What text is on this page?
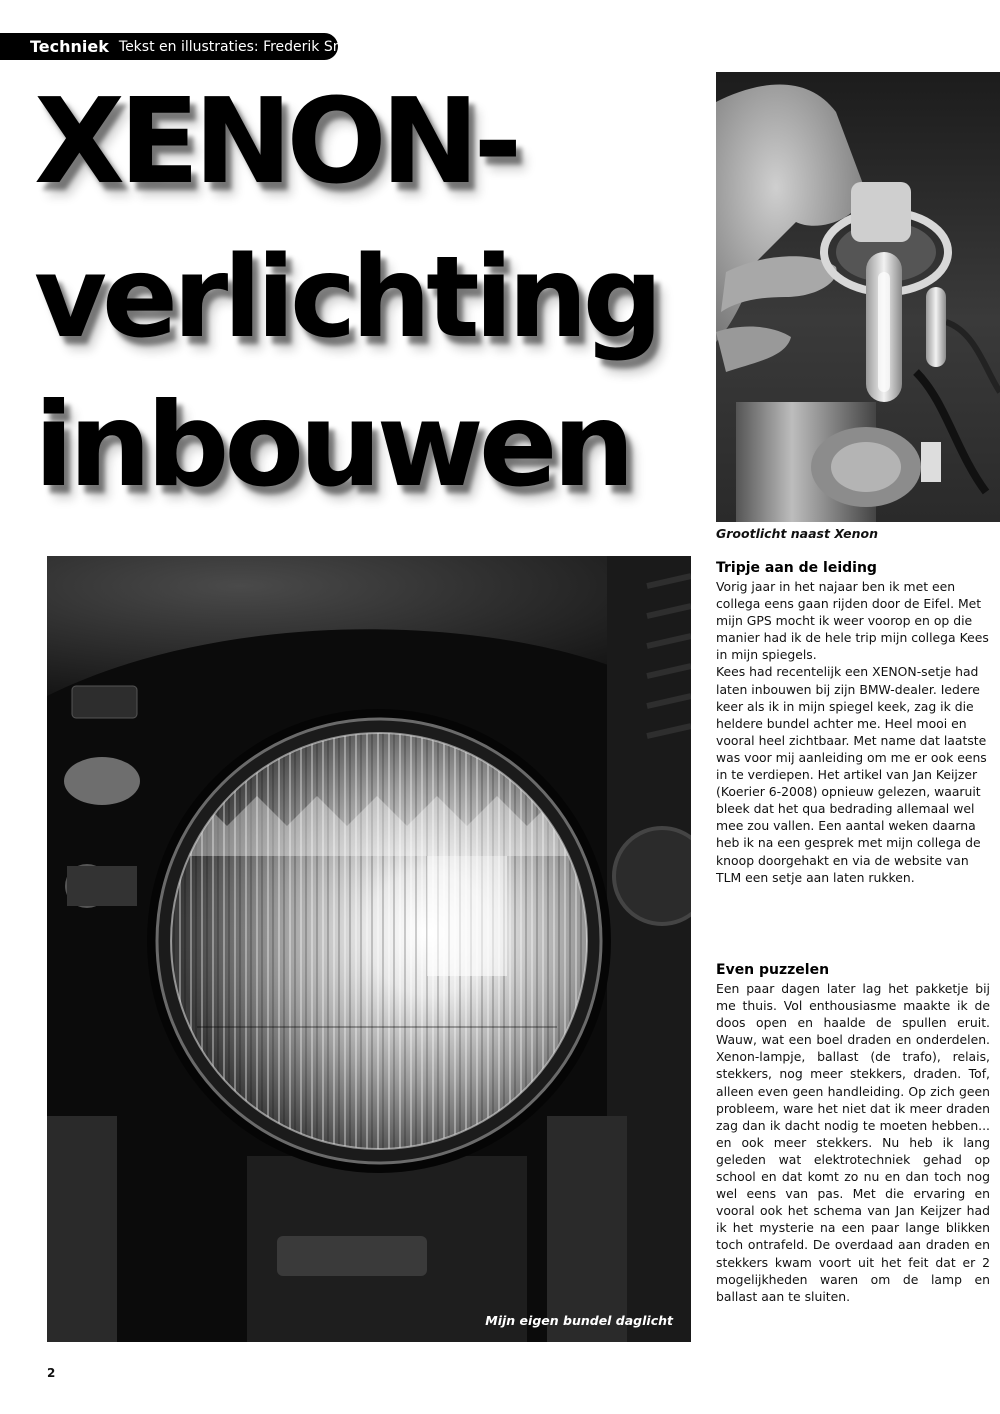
Techniek Tekst en illustraties: Frederik Smit
XENON-
verlichting
inbouwen
Grootlicht naast Xenon
Mijn eigen bundel daglicht
Tripje aan de leiding

Vorig jaar in het najaar ben ik met een collega eens gaan rijden door de Eifel. Met mijn GPS mocht ik weer voorop en op die manier had ik de hele trip mijn collega Kees in mijn spiegels.

Kees had recentelijk een XENON-setje had laten inbouwen bij zijn BMW-dealer. Iedere keer als ik in mijn spiegel keek, zag ik die heldere bundel achter me. Heel mooi en vooral heel zichtbaar. Met name dat laatste was voor mij aanleiding om me er ook eens in te verdiepen. Het artikel van Jan Keijzer (Koerier 6-2008) opnieuw gelezen, waaruit bleek dat het qua bedrading allemaal wel mee zou vallen. Een aantal weken daarna heb ik na een gesprek met mijn collega de knoop doorgehakt en via de website van TLM een setje aan laten rukken.

Even puzzelen

Een paar dagen later lag het pakketje bij me thuis. Vol enthousiasme maakte ik de doos open en haalde de spullen eruit. Wauw, wat een boel draden en onderdelen. Xenon-lampje, ballast (de trafo), relais, stekkers, nog meer stekkers, draden. Tof, alleen even geen handleiding. Op zich geen probleem, ware het niet dat ik meer draden zag dan ik dacht nodig te moeten hebben... en ook meer stekkers. Nu heb ik lang geleden wat elektrotechniek gehad op school en dat komt zo nu en dan toch nog wel eens van pas. Met die ervaring en vooral ook het schema van Jan Keijzer had ik het mysterie na een paar lange blikken toch ontrafeld. De overdaad aan draden en stekkers kwam voort uit het feit dat er 2 mogelijkheden waren om de lamp en ballast aan te sluiten.

2
